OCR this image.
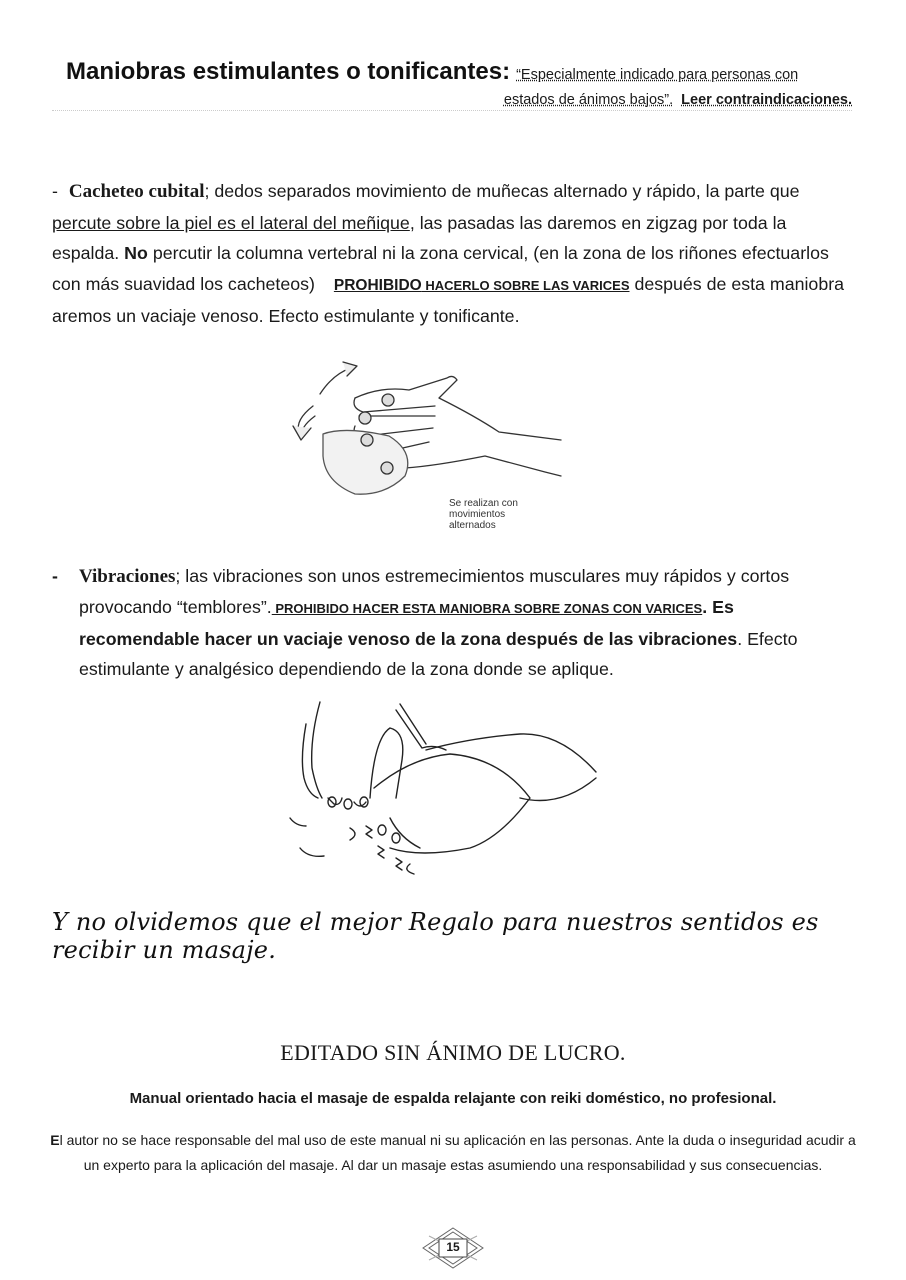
Maniobras estimulantes o tonificantes: “Especialmente indicado para personas con
estados de ánimos bajos”. Leer contraindicaciones.
- Cacheteo cubital; dedos separados movimiento de muñecas alternado y rápido, la parte que percute sobre la piel es el lateral del meñique, las pasadas las daremos en zigzag por toda la espalda. No percutir la columna vertebral ni la zona cervical, (en la zona de los riñones efectuarlos con más suavidad los cacheteos) PROHIBIDO HACERLO SOBRE LAS VARICES después de esta maniobra aremos un vaciaje venoso. Efecto estimulante y tonificante.
Se realizan con
movimientos
alternados
- Vibraciones; las vibraciones son unos estremecimientos musculares muy rápidos y cortos provocando “temblores”. PROHIBIDO HACER ESTA MANIOBRA SOBRE ZONAS CON VARICES. Es recomendable hacer un vaciaje venoso de la zona después de las vibraciones. Efecto estimulante y analgésico dependiendo de la zona donde se aplique.
Y no olvidemos que el mejor Regalo para nuestros sentidos es recibir un masaje.
EDITADO SIN ÁNIMO DE LUCRO.
Manual orientado hacia el masaje de espalda relajante con reiki doméstico, no profesional.
El autor no se hace responsable del mal uso de este manual ni su aplicación en las personas. Ante la duda o inseguridad acudir a un experto para la aplicación del masaje. Al dar un masaje estas asumiendo una responsabilidad y sus consecuencias.
15
